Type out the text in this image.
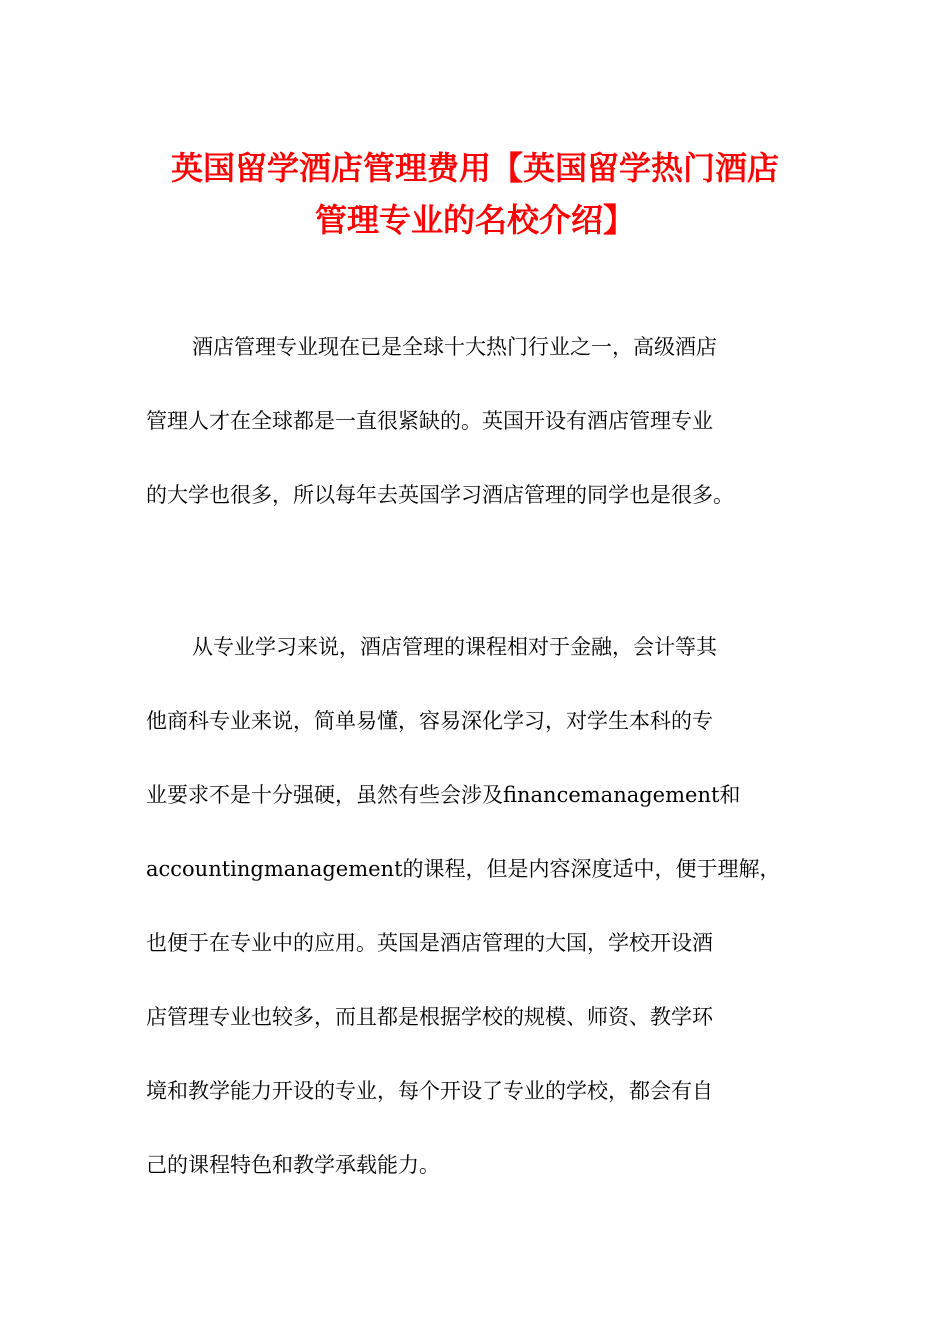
英国留学酒店管理费用【英国留学热门酒店
管理专业的名校介绍】

酒店管理专业现在已是全球十大热门行业之一，高级酒店
管理人才在全球都是一直很紧缺的。英国开设有酒店管理专业
的大学也很多，所以每年去英国学习酒店管理的同学也是很多。

从专业学习来说，酒店管理的课程相对于金融，会计等其
他商科专业来说，简单易懂，容易深化学习，对学生本科的专
业要求不是十分强硬，虽然有些会涉及financemanagement和
accountingmanagement的课程，但是内容深度适中，便于理解，
也便于在专业中的应用。英国是酒店管理的大国，学校开设酒
店管理专业也较多，而且都是根据学校的规模、师资、教学环
境和教学能力开设的专业，每个开设了专业的学校，都会有自
己的课程特色和教学承载能力。
